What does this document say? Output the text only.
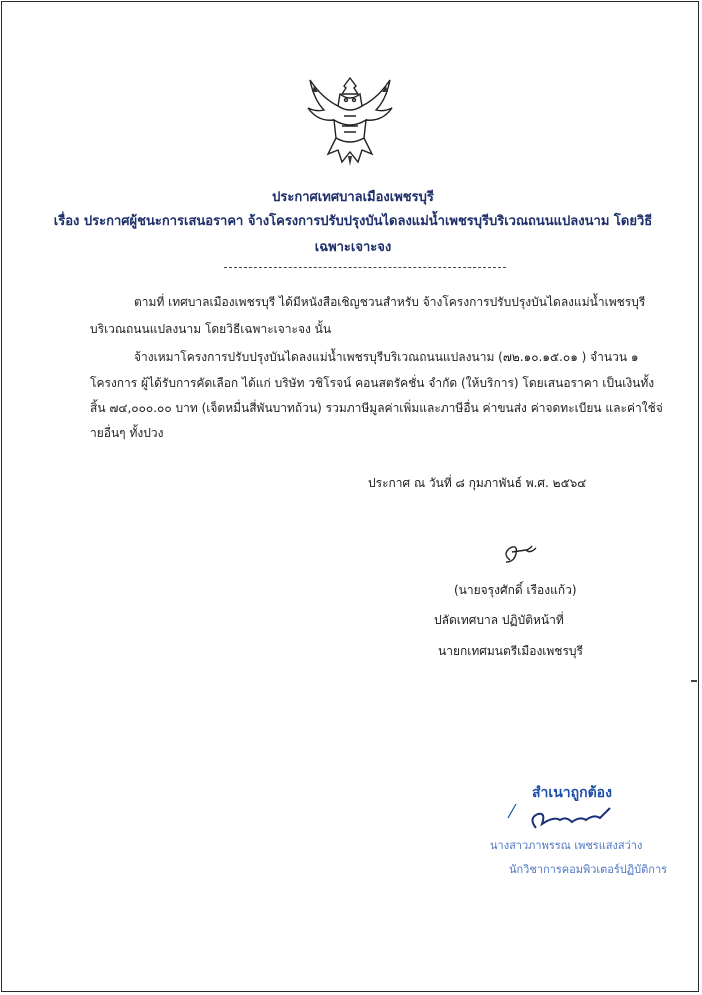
ประกาศเทศบาลเมืองเพชรบุรี
เรื่อง ประกาศผู้ชนะการเสนอราคา จ้างโครงการปรับปรุงบันไดลงแม่น้ำเพชรบุรีบริเวณถนนแปลงนาม โดยวิธี
เฉพาะเจาะจง
ตามที่ เทศบาลเมืองเพชรบุรี ได้มีหนังสือเชิญชวนสำหรับ จ้างโครงการปรับปรุงบันไดลงแม่น้ำเพชรบุรี
บริเวณถนนแปลงนาม โดยวิธีเฉพาะเจาะจง นั้น
จ้างเหมาโครงการปรับปรุงบันไดลงแม่น้ำเพชรบุรีบริเวณถนนแปลงนาม (๗๒.๑๐.๑๕.๐๑ ) จำนวน ๑
โครงการ ผู้ได้รับการคัดเลือก ได้แก่ บริษัท วชิโรจน์ คอนสตรัคชั่น จำกัด (ให้บริการ) โดยเสนอราคา เป็นเงินทั้ง
สิ้น ๗๔,๐๐๐.๐๐ บาท (เจ็ดหมื่นสี่พันบาทถ้วน) รวมภาษีมูลค่าเพิ่มและภาษีอื่น ค่าขนส่ง ค่าจดทะเบียน และค่าใช้จ่
ายอื่นๆ ทั้งปวง
ประกาศ ณ วันที่ ๘ กุมภาพันธ์ พ.ศ. ๒๕๖๔
(นายจรุงศักดิ์ เรืองแก้ว)
ปลัดเทศบาล ปฏิบัติหน้าที่
นายกเทศมนตรีเมืองเพชรบุรี
สำเนาถูกต้อง
นางสาวภาพรรณ เพชรแสงสว่าง
นักวิชาการคอมพิวเตอร์ปฏิบัติการ
